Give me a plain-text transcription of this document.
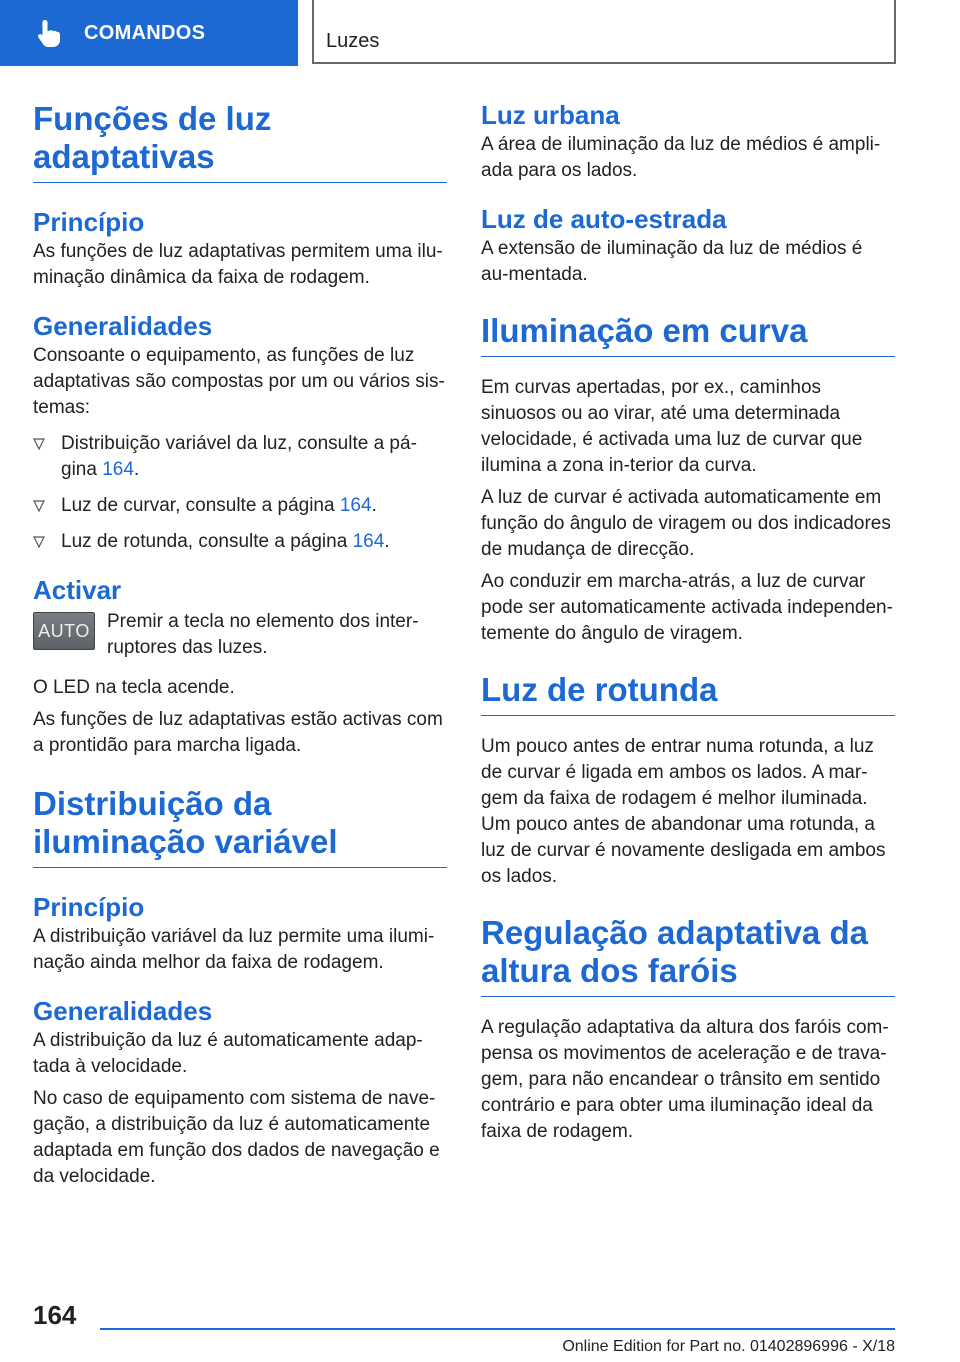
COMANDOS	Luzes
Funções de luz adaptativas
Princípio

As funções de luz adaptativas permitem uma ilu-minação dinâmica da faixa de rodagem.

Generalidades

Consoante o equipamento, as funções de luz adaptativas são compostas por um ou vários sis-temas:

Distribuição variável da luz, consulte a pá-gina 164.
Luz de curvar, consulte a página 164.
Luz de rotunda, consulte a página 164.
Activar
AUTO Premir a tecla no elemento dos inter-ruptores das luzes.

O LED na tecla acende.

As funções de luz adaptativas estão activas com a prontidão para marcha ligada.

Distribuição da iluminação variável
Princípio

A distribuição variável da luz permite uma ilumi-nação ainda melhor da faixa de rodagem.

Generalidades

A distribuição da luz é automaticamente adap-tada à velocidade.

No caso de equipamento com sistema de nave-gação, a distribuição da luz é automaticamente adaptada em função dos dados de navegação e da velocidade.

Luz urbana

A área de iluminação da luz de médios é ampli-ada para os lados.

Luz de auto-estrada

A extensão de iluminação da luz de médios é au-mentada.

Iluminação em curva

Em curvas apertadas, por ex., caminhos sinuosos ou ao virar, até uma determinada velocidade, é activada uma luz de curvar que ilumina a zona in-terior da curva.

A luz de curvar é activada automaticamente em função do ângulo de viragem ou dos indicadores de mudança de direcção.

Ao conduzir em marcha-atrás, a luz de curvar pode ser automaticamente activada independen-temente do ângulo de viragem.

Luz de rotunda

Um pouco antes de entrar numa rotunda, a luz de curvar é ligada em ambos os lados. A mar-gem da faixa de rodagem é melhor iluminada. Um pouco antes de abandonar uma rotunda, a luz de curvar é novamente desligada em ambos os lados.

Regulação adaptativa da altura dos faróis

A regulação adaptativa da altura dos faróis com-pensa os movimentos de aceleração e de trava-gem, para não encandear o trânsito em sentido contrário e para obter uma iluminação ideal da faixa de rodagem.

164
Online Edition for Part no. 01402896996 - X/18
